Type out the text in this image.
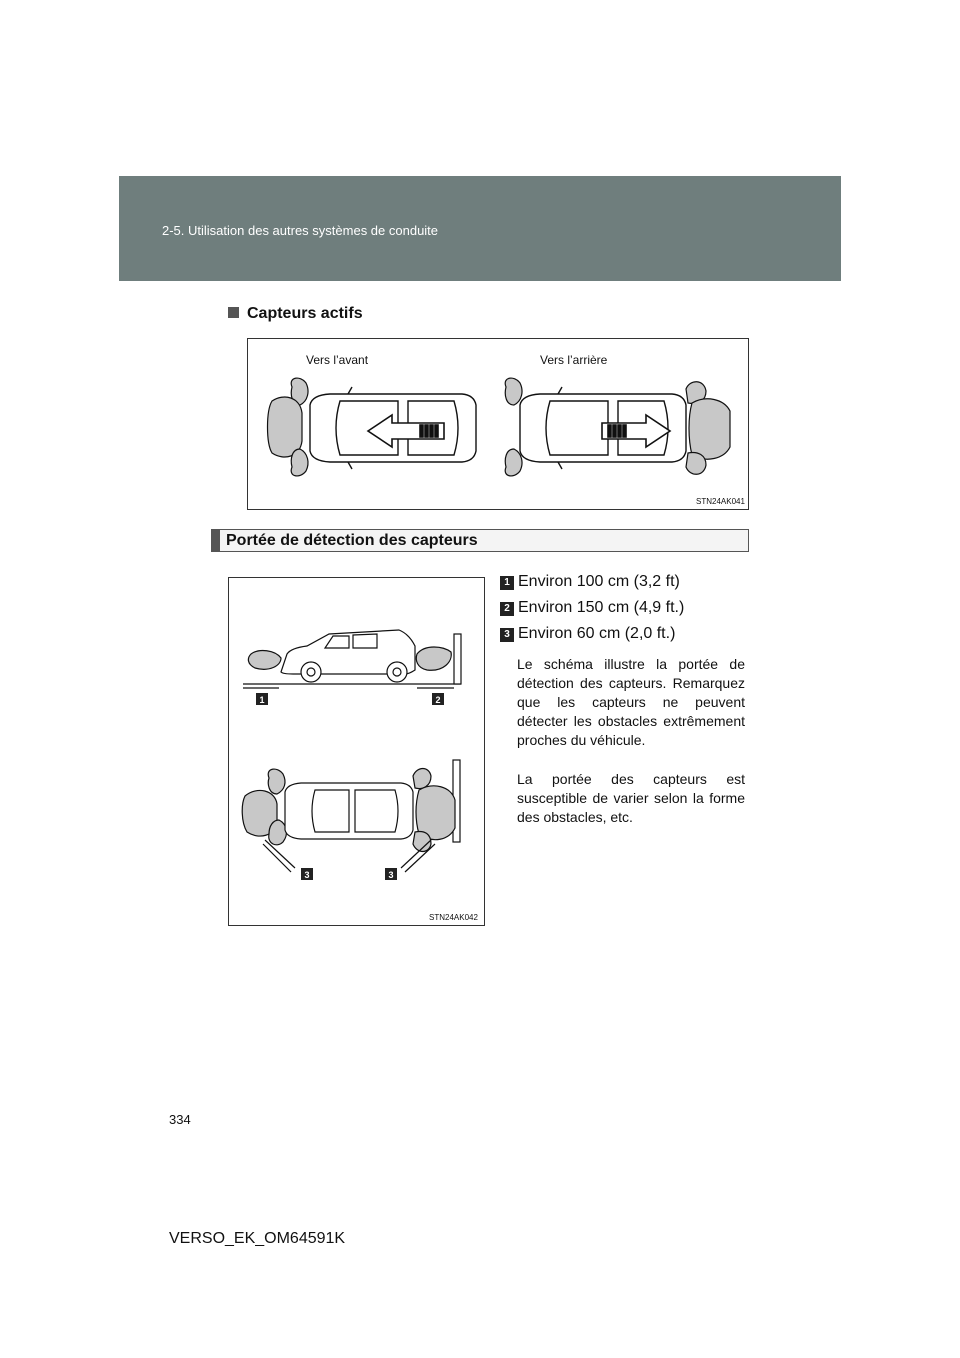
2-5. Utilisation des autres systèmes de conduite
Capteurs actifs
Vers l’avant	Vers l’arrière
STN24AK041
Portée de détection des capteurs
1	2
3	3
STN24AK042
1 Environ 100 cm (3,2 ft)
2 Environ 150 cm (4,9 ft.)
3 Environ 60 cm (2,0 ft.)

Le schéma illustre la portée de détection des capteurs. Remarquez que les capteurs ne peuvent détecter les obstacles extrêmement proches du véhicule.

La portée des capteurs est susceptible de varier selon la forme des obstacles, etc.

334
VERSO_EK_OM64591K
